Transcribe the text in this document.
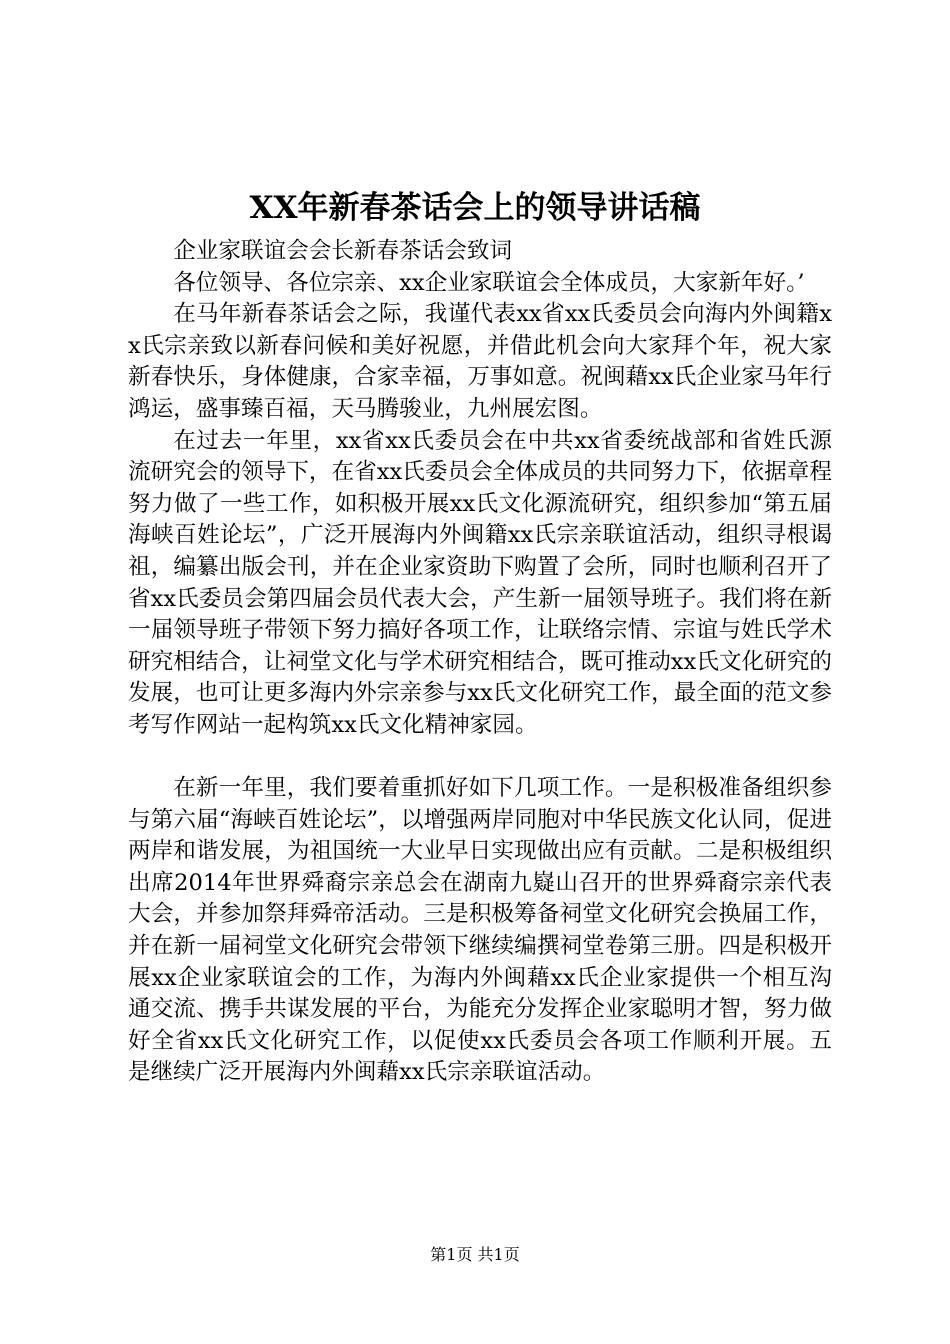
XX年新春茶话会上的领导讲话稿

企业家联谊会会长新春茶话会致词

各位领导、各位宗亲、xx企业家联谊会全体成员，大家新年好。’

在马年新春茶话会之际，我谨代表xx省xx氏委员会向海内外闽籍xx氏宗亲致以新春问候和美好祝愿，并借此机会向大家拜个年，祝大家新春快乐，身体健康，合家幸福，万事如意。祝闽藉xx氏企业家马年行鸿运，盛事臻百福，天马腾骏业，九州展宏图。

在过去一年里，xx省xx氏委员会在中共xx省委统战部和省姓氏源流研究会的领导下，在省xx氏委员会全体成员的共同努力下，依据章程努力做了一些工作，如积极开展xx氏文化源流研究，组织参加“第五届海峡百姓论坛”，广泛开展海内外闽籍xx氏宗亲联谊活动，组织寻根谒祖，编纂出版会刊，并在企业家资助下购置了会所，同时也顺利召开了省xx氏委员会第四届会员代表大会，产生新一届领导班子。我们将在新一届领导班子带领下努力搞好各项工作，让联络宗情、宗谊与姓氏学术研究相结合，让祠堂文化与学术研究相结合，既可推动xx氏文化研究的发展，也可让更多海内外宗亲参与xx氏文化研究工作，最全面的范文参考写作网站一起构筑xx氏文化精神家园。

在新一年里，我们要着重抓好如下几项工作。一是积极准备组织参与第六届“海峡百姓论坛”，以增强两岸同胞对中华民族文化认同，促进两岸和谐发展，为祖国统一大业早日实现做出应有贡献。二是积极组织出席2014年世界舜裔宗亲总会在湖南九嶷山召开的世界舜裔宗亲代表大会，并参加祭拜舜帝活动。三是积极筹备祠堂文化研究会换届工作，并在新一届祠堂文化研究会带领下继续编撰祠堂卷第三册。四是积极开展xx企业家联谊会的工作，为海内外闽藉xx氏企业家提供一个相互沟通交流、携手共谋发展的平台，为能充分发挥企业家聪明才智，努力做好全省xx氏文化研究工作，以促使xx氏委员会各项工作顺利开展。五是继续广泛开展海内外闽藉xx氏宗亲联谊活动。

第1页 共1页
